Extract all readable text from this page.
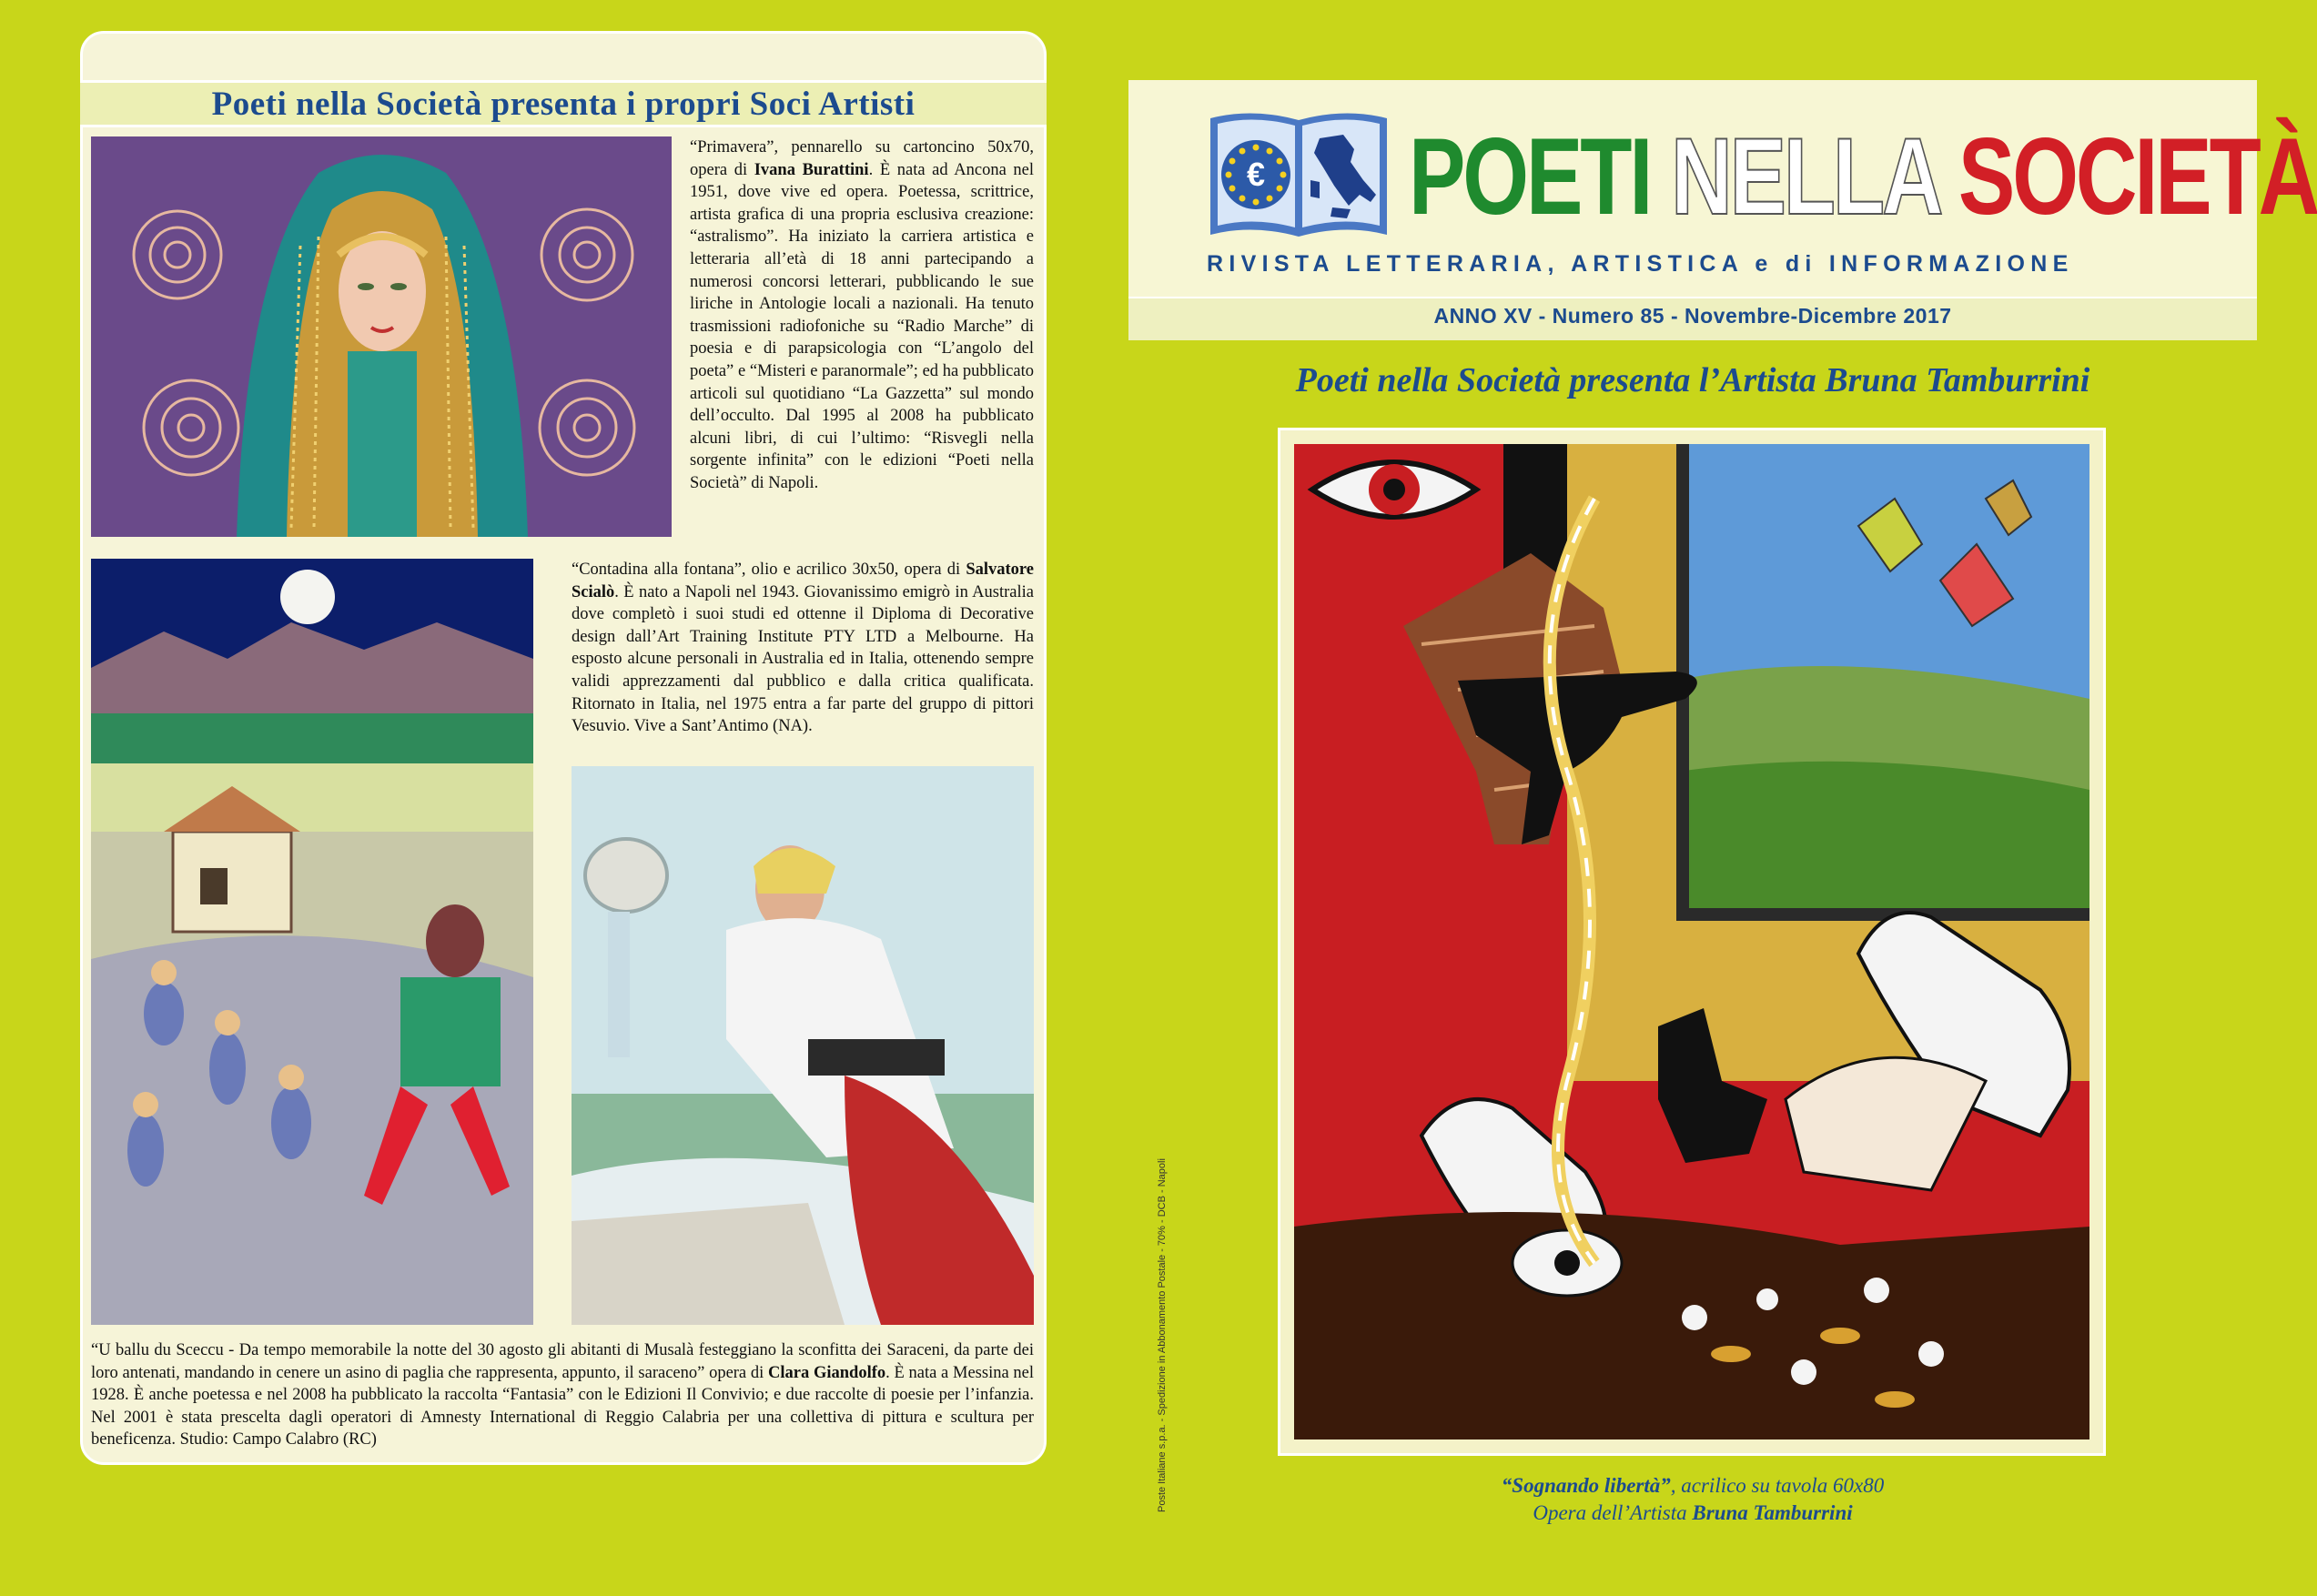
Poeti nella Società presenta i propri Soci Artisti
“Primavera”, pennarello su cartoncino 50x70, opera di Ivana Burattini. È nata ad Ancona nel 1951, dove vive ed opera. Poetessa, scrittrice, artista grafica di una propria esclusiva creazione: “astralismo”. Ha iniziato la carriera artistica e letteraria all’età di 18 anni partecipando a numerosi concorsi letterari, pubblicando le sue liriche in Antologie locali a nazionali. Ha tenuto trasmissioni radiofoniche su “Radio Marche” di poesia e di parapsicologia con “L’angolo del poeta” e “Misteri e paranormale”; ed ha pubblicato articoli sul quotidiano “La Gazzetta” sul mondo dell’occulto. Dal 1995 al 2008 ha pubblicato alcuni libri, di cui l’ultimo: “Risvegli nella sorgente infinita” con le edizioni “Poeti nella Società” di Napoli.
“Contadina alla fontana”, olio e acrilico 30x50, opera di Salvatore Scialò. È nato a Napoli nel 1943. Giovanissimo emigrò in Australia dove completò i suoi studi ed ottenne il Diploma di Decorative design dall’Art Training Institute PTY LTD a Melbourne. Ha esposto alcune personali in Australia ed in Italia, ottenendo sempre validi apprezzamenti dal pubblico e dalla critica qualificata. Ritornato in Italia, nel 1975 entra a far parte del gruppo di pittori Vesuvio. Vive a Sant’Antimo (NA).
“U ballu du Sceccu - Da tempo memorabile la notte del 30 agosto gli abitanti di Musalà festeggiano la sconfitta dei Saraceni, da parte dei loro antenati, mandando in cenere un asino di paglia che rappresenta, appunto, il saraceno” opera di Clara Giandolfo. È nata a Messina nel 1928. È anche poetessa e nel 2008 ha pubblicato la raccolta “Fantasia” con le Edizioni Il Convivio; e due raccolte di poesie per l’infanzia. Nel 2001 è stata prescelta dagli operatori di Amnesty International di Reggio Calabria per una collettiva di pittura e scultura per beneficenza. Studio: Campo Calabro (RC)
€ POETI NELLA SOCIETÀ
RIVISTA LETTERARIA, ARTISTICA e di INFORMAZIONE
ANNO XV - Numero 85 - Novembre-Dicembre 2017
Poeti nella Società presenta l’Artista Bruna Tamburrini
“Sognando libertà”, acrilico su tavola 60x80
Opera dell’Artista Bruna Tamburrini
Poste Italiane s.p.a. - Spedizione in Abbonamento Postale - 70% - DCB - Napoli
